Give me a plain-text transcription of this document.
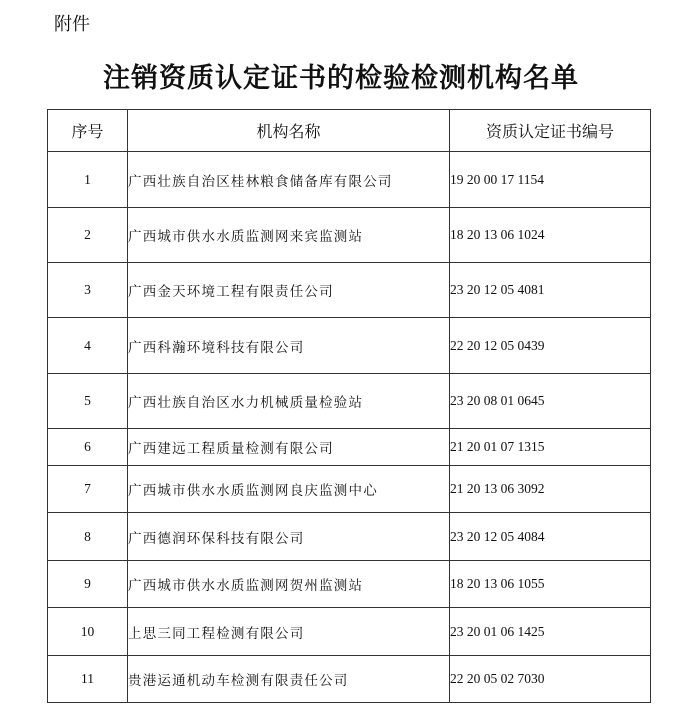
附件
注销资质认定证书的检验检测机构名单
序号	机构名称	资质认定证书编号
1	广西壮族自治区桂林粮食储备库有限公司	19 20 00 17 1154
2	广西城市供水水质监测网来宾监测站	18 20 13 06 1024
3	广西金天环境工程有限责任公司	23 20 12 05 4081
4	广西科瀚环境科技有限公司	22 20 12 05 0439
5	广西壮族自治区水力机械质量检验站	23 20 08 01 0645
6	广西建远工程质量检测有限公司	21 20 01 07 1315
7	广西城市供水水质监测网良庆监测中心	21 20 13 06 3092
8	广西德润环保科技有限公司	23 20 12 05 4084
9	广西城市供水水质监测网贺州监测站	18 20 13 06 1055
10	上思三同工程检测有限公司	23 20 01 06 1425
11	贵港运通机动车检测有限责任公司	22 20 05 02 7030
